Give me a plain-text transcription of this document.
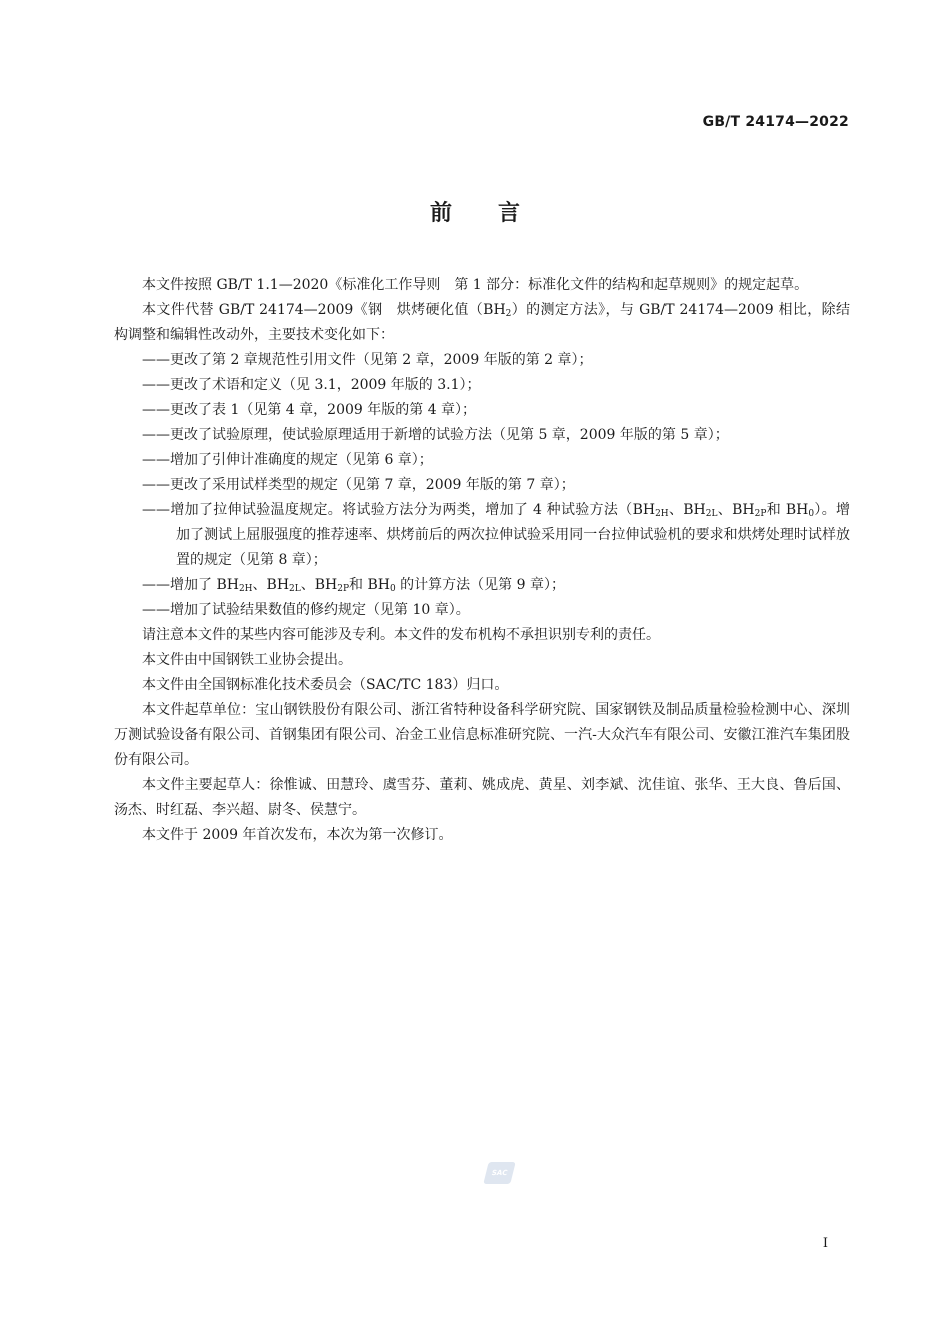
GB/T 24174—2022
前言
本文件按照 GB/T 1.1—2020《标准化工作导则　第 1 部分：标准化文件的结构和起草规则》的规定起草。
本文件代替 GB/T 24174—2009《钢　烘烤硬化值$(BH_2)$的测定方法》，与 GB/T 24174—2009 相比，除结构调整和编辑性改动外，主要技术变化如下：
——更改了第 2 章规范性引用文件（见第 2 章，2009 年版的第 2 章）；
——更改了术语和定义（见 3.1，2009 年版的 3.1）；
——更改了表 1（见第 4 章，2009 年版的第 4 章）；
——更改了试验原理，使试验原理适用于新增的试验方法（见第 5 章，2009 年版的第 5 章）；
——增加了引伸计准确度的规定（见第 6 章）；
——更改了采用试样类型的规定（见第 7 章，2009 年版的第 7 章）；
——增加了拉伸试验温度规定。将试验方法分为两类，增加了 4 种试验方法（$BH_{2H}$、$BH_{2L}$、$BH_{2P}$和 $BH_0$）。增加了测试上屈服强度的推荐速率、烘烤前后的两次拉伸试验采用同一台拉伸试验机的要求和烘烤处理时试样放置的规定（见第 8 章）；
——增加了 $BH_{2H}$、$BH_{2L}$、$BH_{2P}$和 $BH_0$ 的计算方法（见第 9 章）；
——增加了试验结果数值的修约规定（见第 10 章）。
请注意本文件的某些内容可能涉及专利。本文件的发布机构不承担识别专利的责任。
本文件由中国钢铁工业协会提出。
本文件由全国钢标准化技术委员会（SAC/TC 183）归口。
本文件起草单位：宝山钢铁股份有限公司、浙江省特种设备科学研究院、国家钢铁及制品质量检验检测中心、深圳万测试验设备有限公司、首钢集团有限公司、冶金工业信息标准研究院、一汽-大众汽车有限公司、安徽江淮汽车集团股份有限公司。
本文件主要起草人：徐惟诚、田慧玲、虞雪芬、董莉、姚成虎、黄星、刘李斌、沈佳谊、张华、王大良、鲁后国、汤杰、时红磊、李兴超、尉冬、侯慧宁。
本文件于 2009 年首次发布，本次为第一次修订。
SAC
I
